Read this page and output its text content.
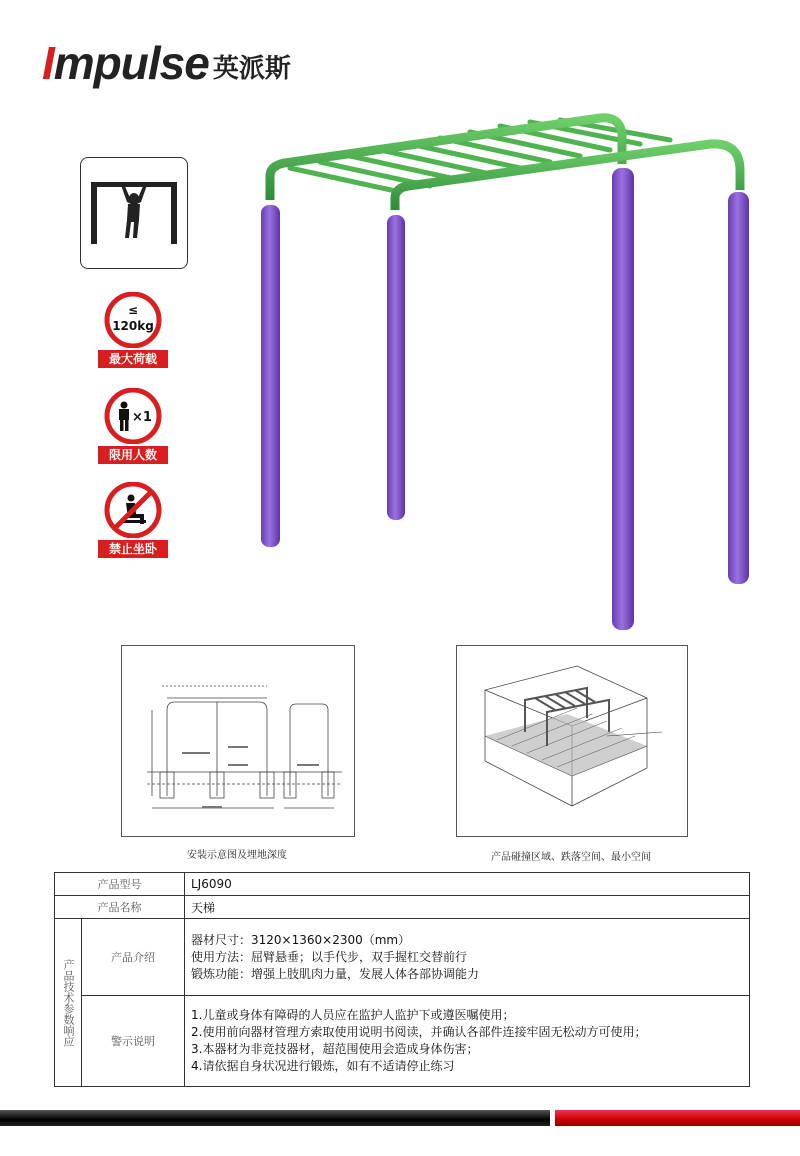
Impulse 英派斯
≤
120kg
最大荷载
×1
限用人数
禁止坐卧
安装示意图及埋地深度	产品碰撞区域、跌落空间、最小空间
产品型号		LJ6090
产品名称		天梯

产品技术参数响应	产品介绍	器材尺寸：3120×1360×2300（mm）
使用方法：屈臂悬垂；以手代步，双手握杠交替前行
锻炼功能：增强上肢肌肉力量，发展人体各部协调能力

	警示说明	1.儿童或身体有障碍的人员应在监护人监护下或遵医嘱使用；
2.使用前向器材管理方索取使用说明书阅读，并确认各部件连接牢固无松动方可使用；
3.本器材为非竞技器材，超范围使用会造成身体伤害；
4.请依据自身状况进行锻炼，如有不适请停止练习
